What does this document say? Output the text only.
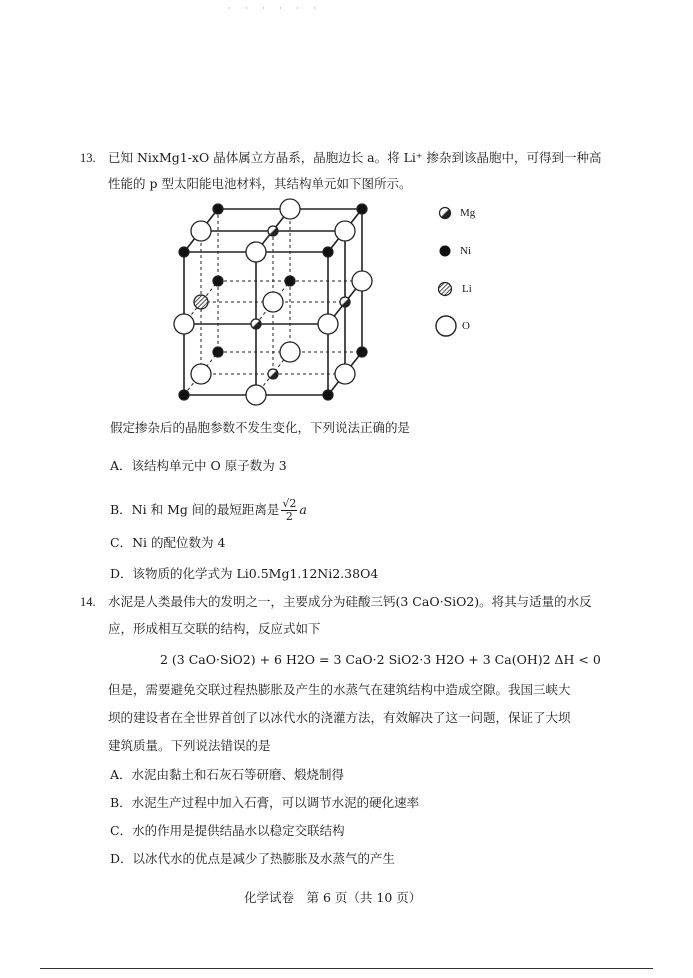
· · · · · ·
13. 已知 NixMg1-xO 晶体属立方晶系，晶胞边长 a。将 Li⁺ 掺杂到该晶胞中，可得到一种高
性能的 p 型太阳能电池材料，其结构单元如下图所示。
Mg
Ni
Li
O
假定掺杂后的晶胞参数不发生变化，下列说法正确的是
A．该结构单元中 O 原子数为 3
B．Ni 和 Mg 间的最短距离是 $\frac{√2}{2}$ a
C．Ni 的配位数为 4
D．该物质的化学式为 Li0.5Mg1.12Ni2.38O4
14. 水泥是人类最伟大的发明之一，主要成分为硅酸三钙(3 CaO·SiO2)。将其与适量的水反
应，形成相互交联的结构，反应式如下
2 (3 CaO·SiO2) + 6 H2O = 3 CaO·2 SiO2·3 H2O + 3 Ca(OH)2 ΔH < 0
但是，需要避免交联过程热膨胀及产生的水蒸气在建筑结构中造成空隙。我国三峡大
坝的建设者在全世界首创了以冰代水的浇灌方法，有效解决了这一问题，保证了大坝
建筑质量。下列说法错误的是
A．水泥由黏土和石灰石等研磨、煅烧制得
B．水泥生产过程中加入石膏，可以调节水泥的硬化速率
C．水的作用是提供结晶水以稳定交联结构
D．以冰代水的优点是减少了热膨胀及水蒸气的产生
化学试卷　第 6 页（共 10 页）
